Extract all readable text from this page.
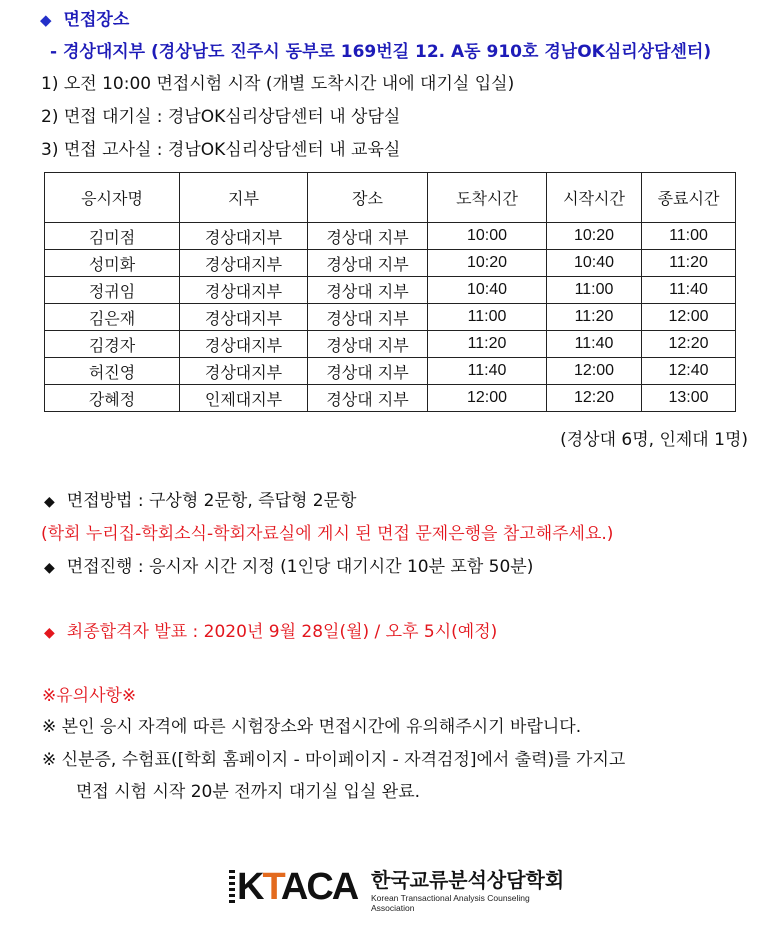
◆ 면접장소
- 경상대지부 (경상남도 진주시 동부로 169번길 12. A동 910호 경남OK심리상담센터)
1) 오전 10:00 면접시험 시작 (개별 도착시간 내에 대기실 입실)
2) 면접 대기실 : 경남OK심리상담센터 내 상담실
3) 면접 고사실 : 경남OK심리상담센터 내 교육실
응시자명	지부	장소	도착시간	시작시간	종료시간
김미점	경상대지부	경상대 지부	10:00	10:20	11:00
성미화	경상대지부	경상대 지부	10:20	10:40	11:20
정귀임	경상대지부	경상대 지부	10:40	11:00	11:40
김은재	경상대지부	경상대 지부	11:00	11:20	12:00
김경자	경상대지부	경상대 지부	11:20	11:40	12:20
허진영	경상대지부	경상대 지부	11:40	12:00	12:40
강혜정	인제대지부	경상대 지부	12:00	12:20	13:00
(경상대 6명, 인제대 1명)
◆ 면접방법 : 구상형 2문항, 즉답형 2문항
(학회 누리집-학회소식-학회자료실에 게시 된 면접 문제은행을 참고해주세요.)
◆ 면접진행 : 응시자 시간 지정 (1인당 대기시간 10분 포함 50분)
◆ 최종합격자 발표 : 2020년 9월 28일(월) / 오후 5시(예정)
※유의사항※
※ 본인 응시 자격에 따른 시험장소와 면접시간에 유의해주시기 바랍니다.
※ 신분증, 수험표([학회 홈페이지 - 마이페이지 - 자격검정]에서 출력)를 가지고
면접 시험 시작 20분 전까지 대기실 입실 완료.
KTACA 한국교류분석상담학회
Korean Transactional Analysis Counseling Association
